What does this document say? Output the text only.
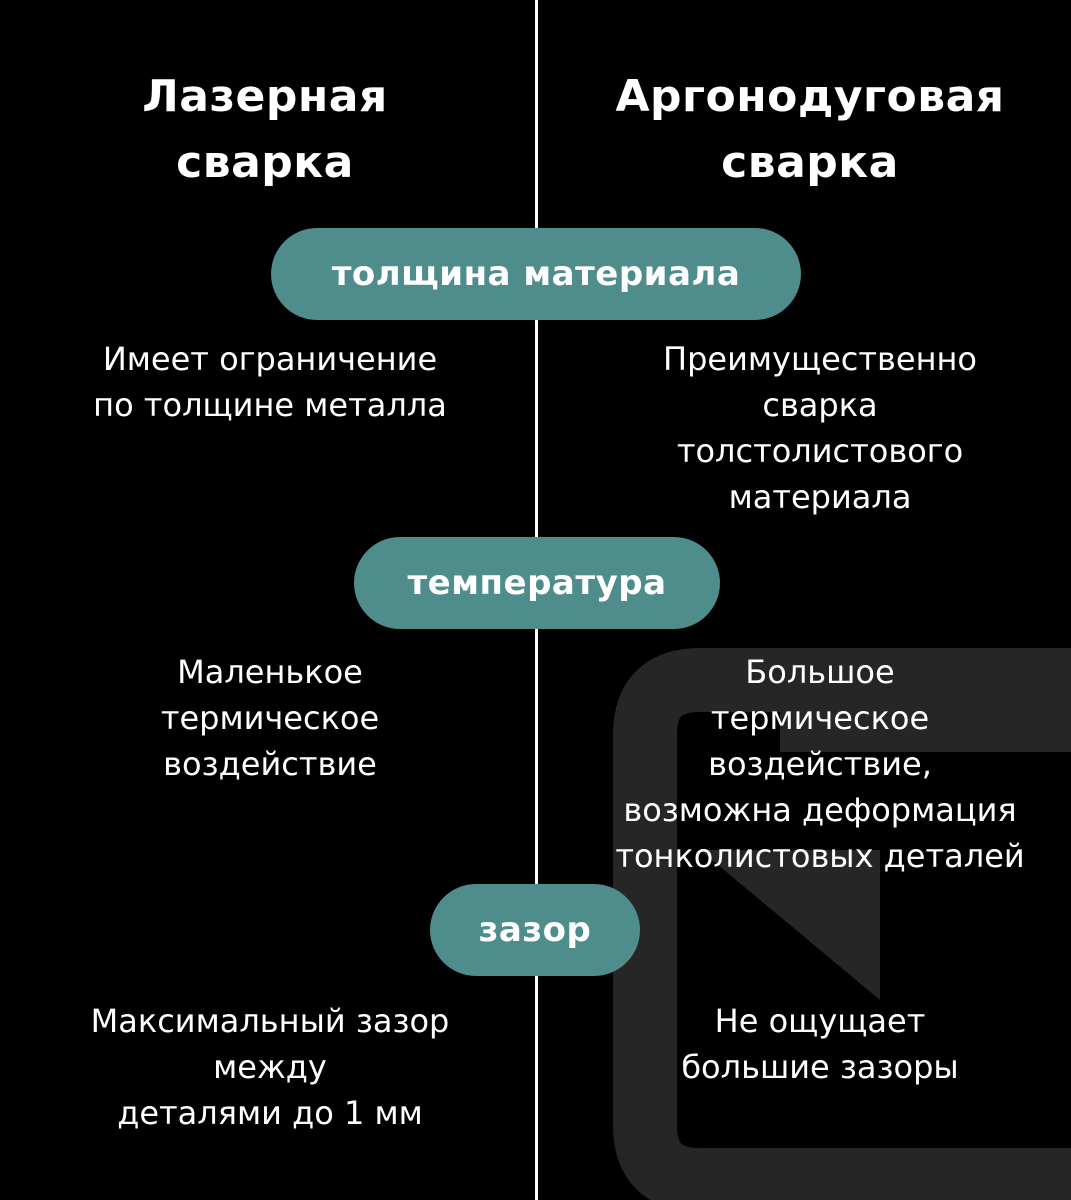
Лазерная
сварка
Аргонодуговая
сварка
толщина материала
Имеет ограничение
по толщине металла
Преимущественно
сварка
толстолистового
материала
температура
Маленькое
термическое
воздействие
Большое
термическое
воздействие,
возможна деформация
тонколистовых деталей
зазор
Максимальный зазор
между
деталями до 1 мм
Не ощущает
большие зазоры
